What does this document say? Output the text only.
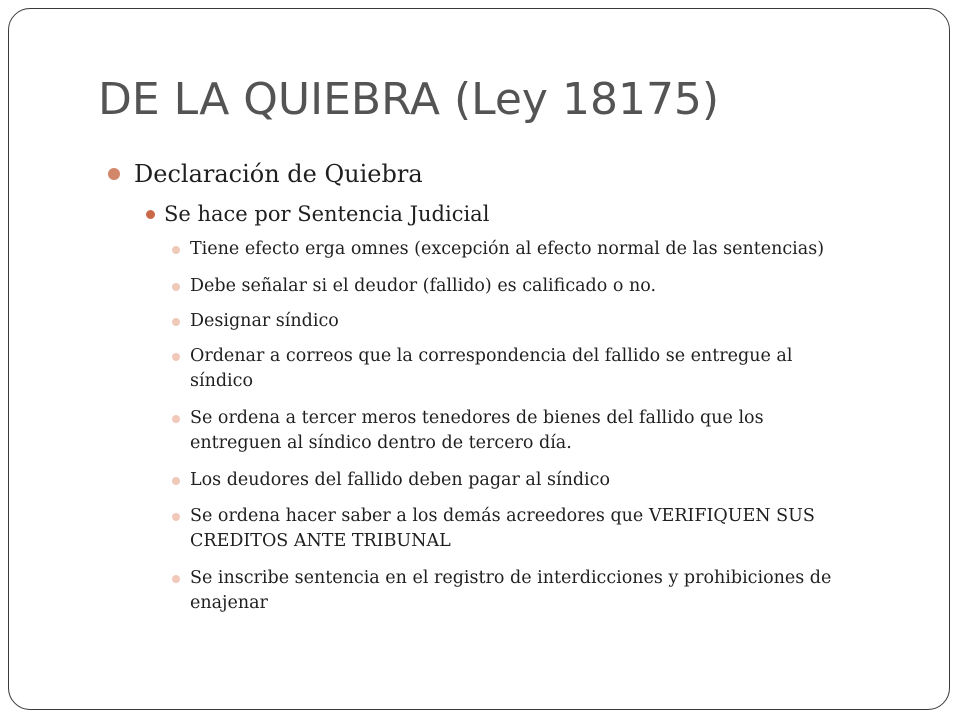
DE LA QUIEBRA (Ley 18175)

Declaración de Quiebra

Se hace por Sentencia Judicial

Tiene efecto erga omnes (excepción al efecto normal de las sentencias)

Debe señalar si el deudor (fallido) es calificado o no.

Designar síndico

Ordenar a correos que la correspondencia del fallido se entregue al
síndico

Se ordena a tercer meros tenedores de bienes del fallido que los
entreguen al síndico dentro de tercero día.

Los deudores del fallido deben pagar al síndico

Se ordena hacer saber a los demás acreedores que VERIFIQUEN SUS
CREDITOS ANTE TRIBUNAL

Se inscribe sentencia en el registro de interdicciones y prohibiciones de
enajenar
